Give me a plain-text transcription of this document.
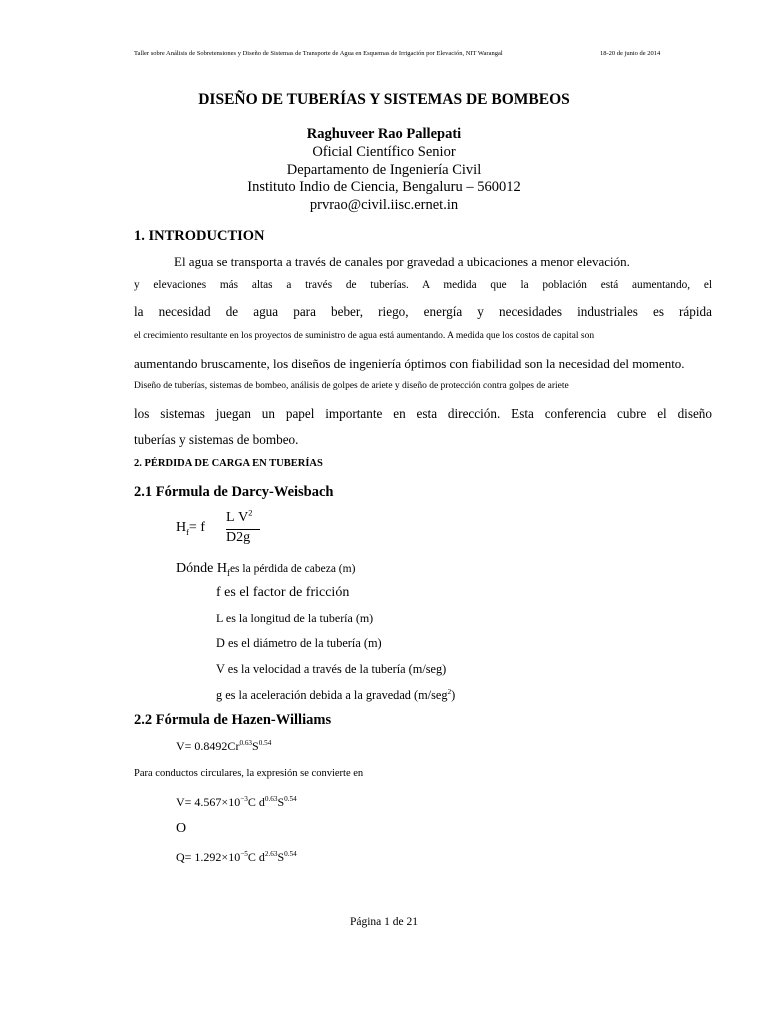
Taller sobre Análisis de Sobretensiones y Diseño de Sistemas de Transporte de Agua en Esquemas de Irrigación por Elevación, NIT Warangal	18-20 de junio de 2014
DISEÑO DE TUBERÍAS Y SISTEMAS DE BOMBEOS
Raghuveer Rao Pallepati
Oficial Científico Senior
Departamento de Ingeniería Civil
Instituto Indio de Ciencia, Bengaluru – 560012
prvrao@civil.iisc.ernet.in
1. INTRODUCTION
El agua se transporta a través de canales por gravedad a ubicaciones a menor elevación.
y elevaciones más altas a través de tuberías. A medida que la población está aumentando, el
la necesidad de agua para beber, riego, energía y necesidades industriales es rápida
el crecimiento resultante en los proyectos de suministro de agua está aumentando. A medida que los costos de capital son
aumentando bruscamente, los diseños de ingeniería óptimos con fiabilidad son la necesidad del momento.
Diseño de tuberías, sistemas de bombeo, análisis de golpes de ariete y diseño de protección contra golpes de ariete
los sistemas juegan un papel importante en esta dirección. Esta conferencia cubre el diseño
tuberías y sistemas de bombeo.
2. PÉRDIDA DE CARGA EN TUBERÍAS
2.1 Fórmula de Darcy-Weisbach
$H_f= f$
L $V^2$
D2g
Dónde $H_fes$ la pérdida de cabeza (m)
f es el factor de fricción
L es la longitud de la tubería (m)
D es el diámetro de la tubería (m)
V es la velocidad a través de la tubería (m/seg)
g es la aceleración debida a la gravedad (m/seg$^2$)
2.2 Fórmula de Hazen-Williams
$V= 0.8492Cr^{0.63}S^{0.54}$
Para conductos circulares, la expresión se convierte en
$V= 4.567\times 10^{-3}C$ $d^{0.63}S^{0.54}$
O
$Q= 1.292\times 10^{-5}C$ $d^{2.63}S^{0.54}$
Página 1 de 21
